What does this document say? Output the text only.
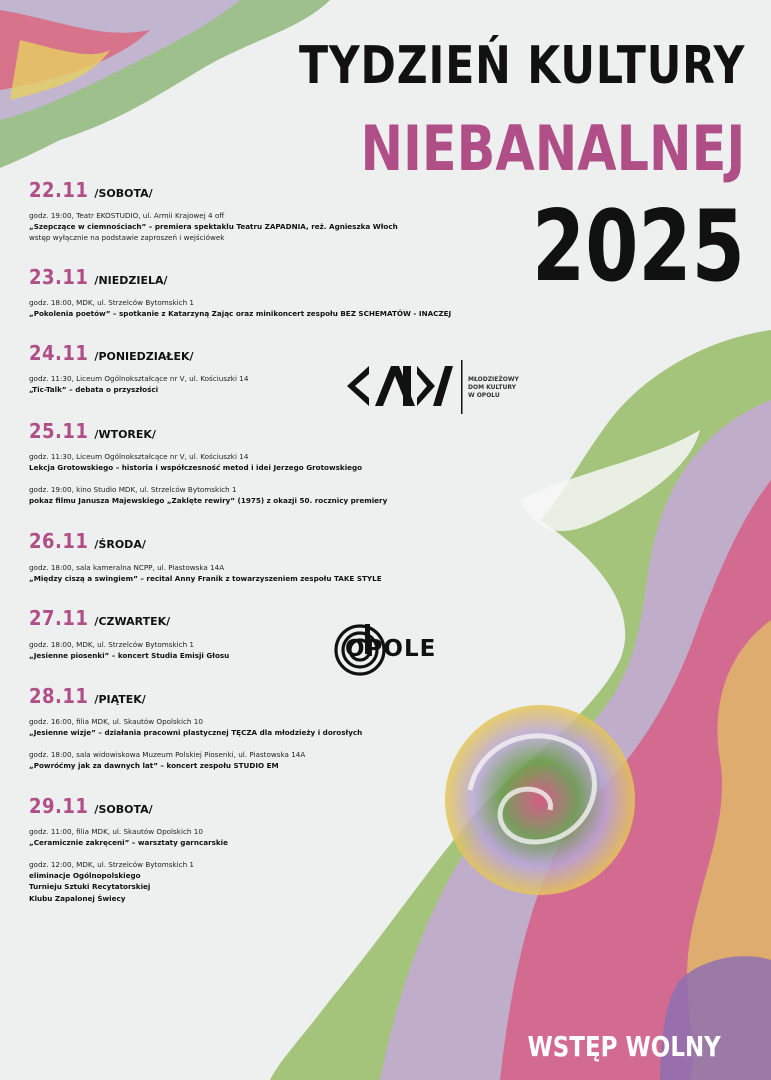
TYDZIEŃ KULTURY
NIEBANALNEJ
2025
22.11 /SOBOTA/
godz. 19:00, Teatr EKOSTUDIO, ul. Armii Krajowej 4 off
„Szepczące w ciemnościach” – premiera spektaklu Teatru ZAPADNIA, reż. Agnieszka Włoch
wstęp wyłącznie na podstawie zaproszeń i wejściówek
23.11 /NIEDZIELA/
godz. 18:00, MDK, ul. Strzelców Bytomskich 1
„Pokolenia poetów” – spotkanie z Katarzyną Zając oraz minikoncert zespołu BEZ SCHEMATÓW - INACZEJ
24.11 /PONIEDZIAŁEK/
godz. 11:30, Liceum Ogólnokształcące nr V, ul. Kościuszki 14
„Tic-Talk” – debata o przyszłości
25.11 /WTOREK/
godz. 11:30, Liceum Ogólnokształcące nr V, ul. Kościuszki 14
Lekcja Grotowskiego – historia i współczesność metod i idei Jerzego Grotowskiego
godz. 19:00, kino Studio MDK, ul. Strzelców Bytomskich 1
pokaz filmu Janusza Majewskiego „Zaklęte rewiry” (1975) z okazji 50. rocznicy premiery
26.11 /ŚRODA/
godz. 18:00, sala kameralna NCPP, ul. Piastowska 14A
„Między ciszą a swingiem” – recital Anny Franik z towarzyszeniem zespołu TAKE STYLE
27.11 /CZWARTEK/
godz. 18:00, MDK, ul. Strzelców Bytomskich 1
„Jesienne piosenki” – koncert Studia Emisji Głosu
28.11 /PIĄTEK/
godz. 16:00, filia MDK, ul. Skautów Opolskich 10
„Jesienne wizje” – działania pracowni plastycznej TĘCZA dla młodzieży i dorosłych
godz. 18:00, sala widowiskowa Muzeum Polskiej Piosenki, ul. Piastowska 14A
„Powróćmy jak za dawnych lat” – koncert zespołu STUDIO EM
29.11 /SOBOTA/
godz. 11:00, filia MDK, ul. Skautów Opolskich 10
„Ceramicznie zakręceni” – warsztaty garncarskie
godz. 12:00, MDK, ul. Strzelców Bytomskich 1
eliminacje Ogólnopolskiego
Turnieju Sztuki Recytatorskiej
Klubu Zapalonej Świecy
MŁODZIEŻOWY
DOM KULTURY
W OPOLU
OPOLE
WSTĘP WOLNY
